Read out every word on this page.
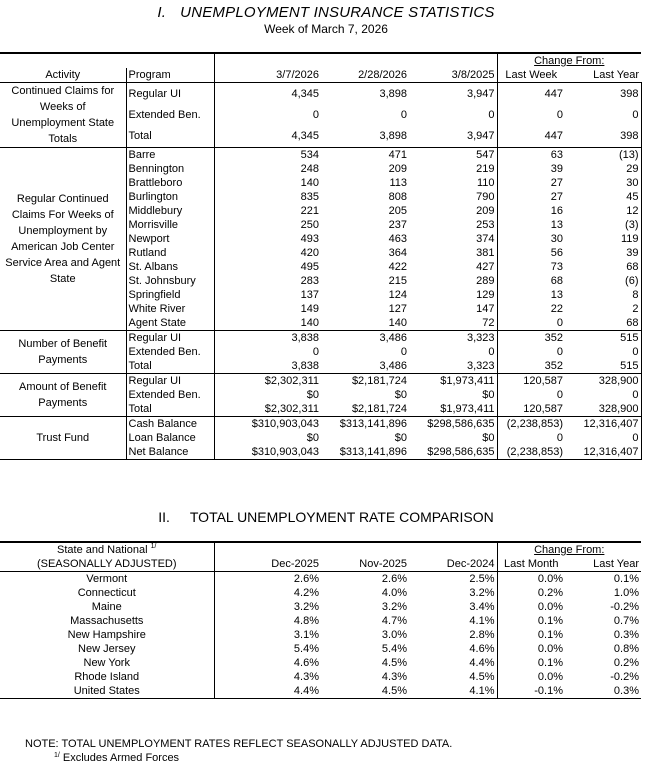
I. UNEMPLOYMENT INSURANCE STATISTICS
Week of March 7, 2026
					Change From:	
Activity	Program	3/7/2026	2/28/2026	3/8/2025	Last Week	Last Year
Continued Claims for Weeks of Unemployment State Totals	Regular UI	4,345	3,898	3,947	447	398
	Extended Ben.	0	0	0	0	0
	Total	4,345	3,898	3,947	447	398
Regular Continued Claims For Weeks of Unemployment by American Job Center Service Area and Agent State	Barre	534	471	547	63	(13)
	Bennington	248	209	219	39	29
	Brattleboro	140	113	110	27	30
	Burlington	835	808	790	27	45
	Middlebury	221	205	209	16	12
	Morrisville	250	237	253	13	(3)
	Newport	493	463	374	30	119
	Rutland	420	364	381	56	39
	St. Albans	495	422	427	73	68
	St. Johnsbury	283	215	289	68	(6)
	Springfield	137	124	129	13	8
	White River	149	127	147	22	2
	Agent State	140	140	72	0	68
Number of Benefit Payments	Regular UI	3,838	3,486	3,323	352	515
	Extended Ben.	0	0	0	0	0
	Total	3,838	3,486	3,323	352	515
Amount of Benefit Payments	Regular UI	$2,302,311	$2,181,724	$1,973,411	120,587	328,900
	Extended Ben.	$0	$0	$0	0	0
	Total	$2,302,311	$2,181,724	$1,973,411	120,587	328,900
Trust Fund	Cash Balance	$310,903,043	$313,141,896	$298,586,635	(2,238,853)	12,316,407
	Loan Balance	$0	$0	$0	0	0
	Net Balance	$310,903,043	$313,141,896	$298,586,635	(2,238,853)	12,316,407
II. TOTAL UNEMPLOYMENT RATE COMPARISON
State and National $^{1/}$				Change From:	
(SEASONALLY ADJUSTED)	Dec-2025	Nov-2025	Dec-2024	Last Month	Last Year
Vermont	2.6%	2.6%	2.5%	0.0%	0.1%
Connecticut	4.2%	4.0%	3.2%	0.2%	1.0%
Maine	3.2%	3.2%	3.4%	0.0%	-0.2%
Massachusetts	4.8%	4.7%	4.1%	0.1%	0.7%
New Hampshire	3.1%	3.0%	2.8%	0.1%	0.3%
New Jersey	5.4%	5.4%	4.6%	0.0%	0.8%
New York	4.6%	4.5%	4.4%	0.1%	0.2%
Rhode Island	4.3%	4.3%	4.5%	0.0%	-0.2%
United States	4.4%	4.5%	4.1%	-0.1%	0.3%
NOTE: TOTAL UNEMPLOYMENT RATES REFLECT SEASONALLY ADJUSTED DATA.
$^{1/}$ Excludes Armed Forces
